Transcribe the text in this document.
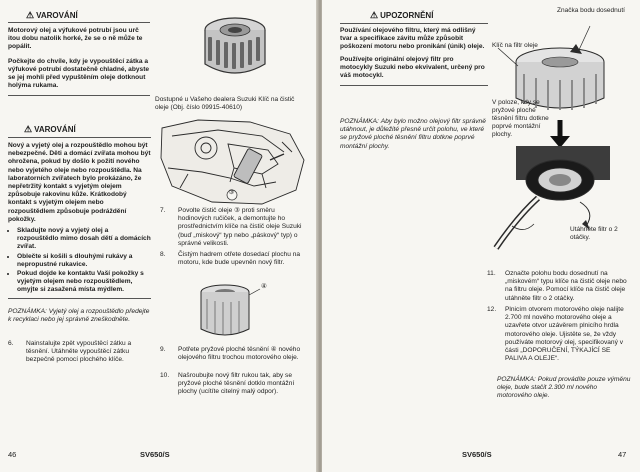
⚠ VAROVÁNÍ
Motorový olej a výfukové potrubí jsou urč itou dobu natolik horké, že se o ně může te popálit.
Počkejte do chvíle, kdy je vypouštěcí zátka a výfukové potrubí dostatečně chladné, abyste se jej mohli před vypuštěním oleje dotknout holýma rukama.
Dostupné u Vašeho dealera Suzuki Klíč na čistič oleje (Obj. číslo 09915-40610)
③
⚠ VAROVÁNÍ
Nový a vyjetý olej a rozpouštědlo mohou být nebezpečné. Děti a domácí zvířata mohou být ohrožena, pokud by došlo k požití nového nebo vyjetého oleje nebo rozpouštědla. Na laboratorních zvířatech bylo prokázáno, že nepřetržitý kontakt s vyjetým olejem způsobuje rakovinu kůže. Krátkodobý kontakt s vyjetým olejem nebo rozpouštědlem způsobuje podráždění pokožky.
• Skladujte nový a vyjetý olej a rozpouštědlo mimo dosah dětí a domácích zvířat.
• Oblečte si košili s dlouhými rukávy a nepropustné rukavice.
• Pokud dojde ke kontaktu Vaší pokožky s vyjetým olejem nebo rozpouštědlem, omyjte si zasažená místa mýdlem.
POZNÁMKA: Vyjetý olej a rozpouštědlo předejte k recyklaci nebo jej správně zneškodněte.
6.	Nainstalujte zpět vypouštěcí zátku a těsnění. Utáhněte vypouštěcí zátku bezpečně pomocí plochého klíče.
7.	Povolte čistič oleje ③ proti směru hodinových ručiček, a demontujte ho prostřednictvím klíče na čistič oleje Suzuki (buď „miskový“ typ nebo „páskový“ typ) o správné velikosti.
8.	Čistým hadrem otřete dosedací plochu na motoru, kde bude upevněn nový filtr.
④
9.	Potřete pryžové ploché těsnění ④ nového olejového filtru trochou motorového oleje.
10.	Našroubujte nový filtr rukou tak, aby se pryžové ploché těsnění dotklo montážní plochy (ucítíte citelný malý odpor).
46	SV650/S
⚠ UPOZORNĚNÍ
Používání olejového filtru, který má odlišný tvar a specifikace závitu může způsobit poškození motoru nebo pronikání (únik) oleje.
Používejte originální olejový filtr pro motocykly Suzuki nebo ekvivalent, určený pro váš motocykl.
POZNÁMKA: Aby bylo možno olejový filtr správně utáhnout, je důležité přesně určit polohu, ve které se pryžové ploché těsnění filtru dotkne poprvé montážní plochy.
Značka bodu dosednutí
Klíč na filtr oleje
V poloze, kdy se pryžové ploché těsnění filtru dotkne poprvé montážní plochy.
Utáhněte filtr o 2 otáčky.
11.	Označte polohu bodu dosednutí na „miskovém“ typu klíče na čistič oleje nebo na filtru oleje. Pomocí klíče na čistič oleje utáhněte filtr o 2 otáčky.
12.	Plnicím otvorem motorového oleje nalijte 2.700 ml nového motorového oleje a uzavřete otvor uzávěrem plnicího hrdla motorového oleje. Ujistěte se, že vždy používáte motorový olej, specifikovaný v části „DOPORUČENÍ, TÝKAJÍCÍ SE PALIVA A OLEJE“.
POZNÁMKA: Pokud provádíte pouze výměnu oleje, bude stačit 2.300 ml nového motorového oleje.
SV650/S	47
